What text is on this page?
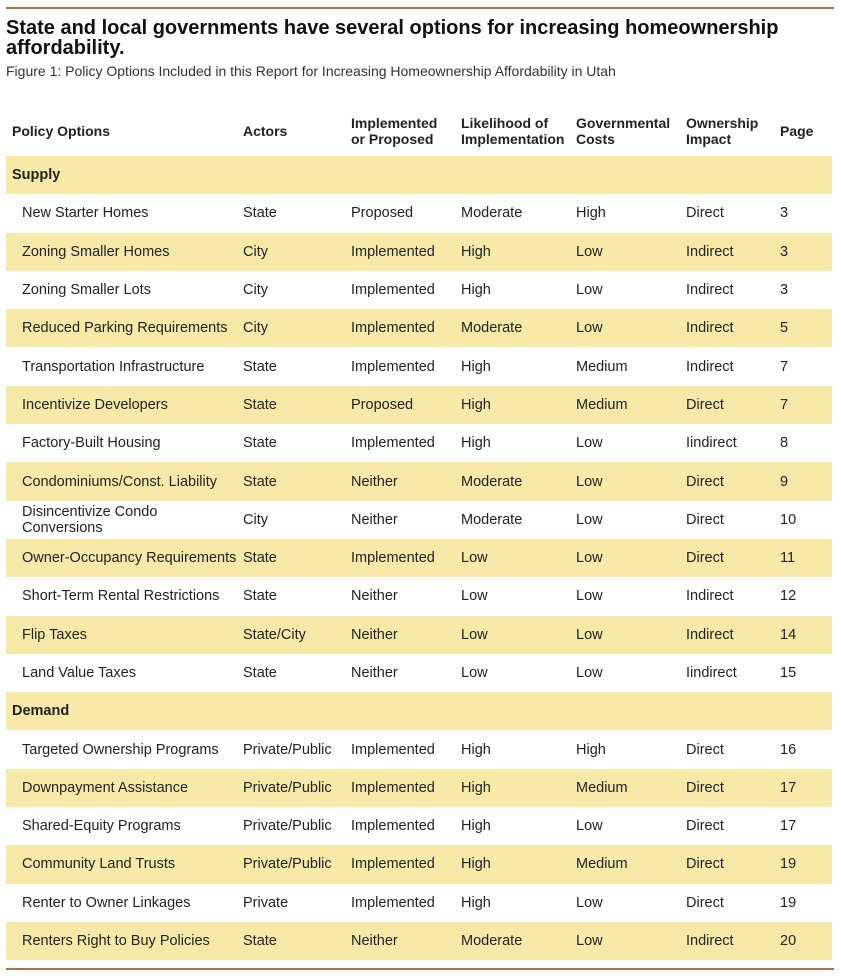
State and local governments have several options for increasing homeownership affordability.

Figure 1: Policy Options Included in this Report for Increasing Homeownership Affordability in Utah

Policy Options	Actors	Implemented or Proposed	Likelihood of Implementation	Governmental Costs	Ownership Impact	Page
Supply						
New Starter Homes	State	Proposed	Moderate	High	Direct	3
Zoning Smaller Homes	City	Implemented	High	Low	Indirect	3
Zoning Smaller Lots	City	Implemented	High	Low	Indirect	3
Reduced Parking Requirements	City	Implemented	Moderate	Low	Indirect	5
Transportation Infrastructure	State	Implemented	High	Medium	Indirect	7
Incentivize Developers	State	Proposed	High	Medium	Direct	7
Factory-Built Housing	State	Implemented	High	Low	Iindirect	8
Condominiums/Const. Liability	State	Neither	Moderate	Low	Direct	9
Disincentivize Condo Conversions	City	Neither	Moderate	Low	Direct	10
Owner-Occupancy Requirements	State	Implemented	Low	Low	Direct	11
Short-Term Rental Restrictions	State	Neither	Low	Low	Indirect	12
Flip Taxes	State/City	Neither	Low	Low	Indirect	14
Land Value Taxes	State	Neither	Low	Low	Iindirect	15
Demand						
Targeted Ownership Programs	Private/Public	Implemented	High	High	Direct	16
Downpayment Assistance	Private/Public	Implemented	High	Medium	Direct	17
Shared-Equity Programs	Private/Public	Implemented	High	Low	Direct	17
Community Land Trusts	Private/Public	Implemented	High	Medium	Direct	19
Renter to Owner Linkages	Private	Implemented	High	Low	Direct	19
Renters Right to Buy Policies	State	Neither	Moderate	Low	Indirect	20
